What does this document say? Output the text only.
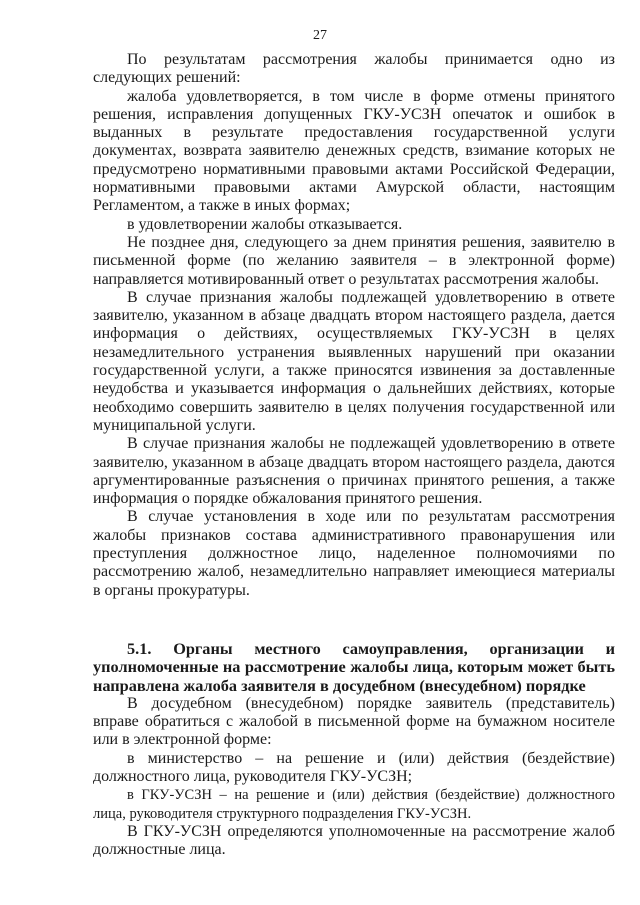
27

По результатам рассмотрения жалобы принимается одно из следующих решений:

жалоба удовлетворяется, в том числе в форме отмены принятого решения, исправления допущенных ГКУ-УСЗН опечаток и ошибок в выданных в результате предоставления государственной услуги документах, возврата заявителю денежных средств, взимание которых не предусмотрено нормативными правовыми актами Российской Федерации, нормативными правовыми актами Амурской области, настоящим Регламентом, а также в иных формах;

в удовлетворении жалобы отказывается.

Не позднее дня, следующего за днем принятия решения, заявителю в письменной форме (по желанию заявителя – в электронной форме) направляется мотивированный ответ о результатах рассмотрения жалобы.

В случае признания жалобы подлежащей удовлетворению в ответе заявителю, указанном в абзаце двадцать втором настоящего раздела, дается информация о действиях, осуществляемых ГКУ-УСЗН в целях незамедлительного устранения выявленных нарушений при оказании государственной услуги, а также приносятся извинения за доставленные неудобства и указывается информация о дальнейших действиях, которые необходимо совершить заявителю в целях получения государственной или муниципальной услуги.

В случае признания жалобы не подлежащей удовлетворению в ответе заявителю, указанном в абзаце двадцать втором настоящего раздела, даются аргументированные разъяснения о причинах принятого решения, а также информация о порядке обжалования принятого решения.

В случае установления в ходе или по результатам рассмотрения жалобы признаков состава административного правонарушения или преступления должностное лицо, наделенное полномочиями по рассмотрению жалоб, незамедлительно направляет имеющиеся материалы в органы прокуратуры.

5.1. Органы местного самоуправления, организации и уполномоченные на рассмотрение жалобы лица, которым может быть направлена жалоба заявителя в досудебном (внесудебном) порядке

В досудебном (внесудебном) порядке заявитель (представитель) вправе обратиться с жалобой в письменной форме на бумажном носителе или в электронной форме:

в министерство – на решение и (или) действия (бездействие) должностного лица, руководителя ГКУ-УСЗН;

в ГКУ-УСЗН – на решение и (или) действия (бездействие) должностного лица, руководителя структурного подразделения ГКУ-УСЗН.

В ГКУ-УСЗН определяются уполномоченные на рассмотрение жалоб должностные лица.
